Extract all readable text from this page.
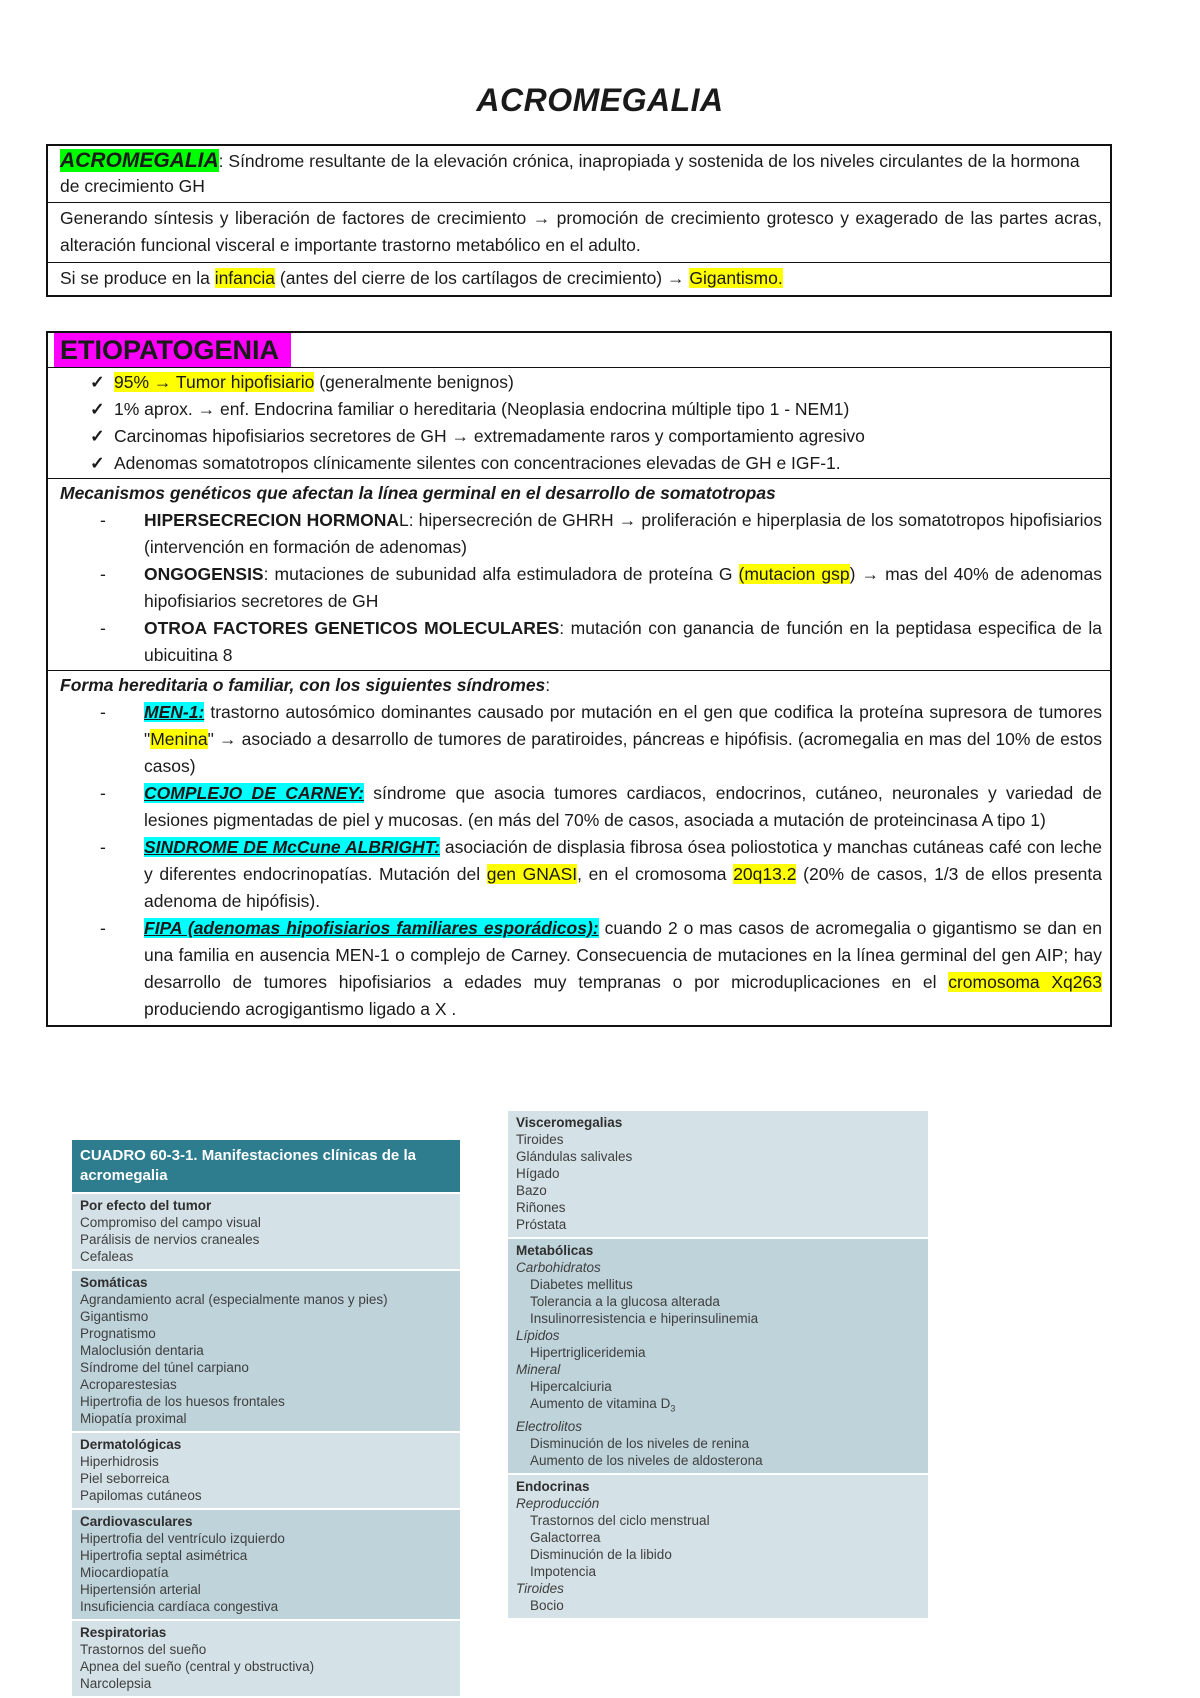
ACROMEGALIA
ACROMEGALIA: Síndrome resultante de la elevación crónica, inapropiada y sostenida de los niveles circulantes de la hormona de crecimiento GH
Generando síntesis y liberación de factores de crecimiento → promoción de crecimiento grotesco y exagerado de las partes acras, alteración funcional visceral e importante trastorno metabólico en el adulto.
Si se produce en la infancia (antes del cierre de los cartílagos de crecimiento) → Gigantismo.
ETIOPATOGENIA
✓ 95% → Tumor hipofisiario (generalmente benignos)
✓ 1% aprox. → enf. Endocrina familiar o hereditaria (Neoplasia endocrina múltiple tipo 1 - NEM1)
✓ Carcinomas hipofisiarios secretores de GH → extremadamente raros y comportamiento agresivo
✓ Adenomas somatotropos clínicamente silentes con concentraciones elevadas de GH e IGF-1.
Mecanismos genéticos que afectan la línea germinal en el desarrollo de somatotropas
- HIPERSECRECION HORMONAL: hipersecreción de GHRH → proliferación e hiperplasia de los somatotropos hipofisiarios (intervención en formación de adenomas)
- ONGOGENSIS: mutaciones de subunidad alfa estimuladora de proteína G (mutacion gsp) → mas del 40% de adenomas hipofisiarios secretores de GH
- OTROA FACTORES GENETICOS MOLECULARES: mutación con ganancia de función en la peptidasa especifica de la ubicuitina 8
Forma hereditaria o familiar, con los siguientes síndromes:
- MEN-1: trastorno autosómico dominantes causado por mutación en el gen que codifica la proteína supresora de tumores "Menina" → asociado a desarrollo de tumores de paratiroides, páncreas e hipófisis. (acromegalia en mas del 10% de estos casos)
- COMPLEJO DE CARNEY: síndrome que asocia tumores cardiacos, endocrinos, cutáneo, neuronales y variedad de lesiones pigmentadas de piel y mucosas. (en más del 70% de casos, asociada a mutación de proteincinasa A tipo 1)
- SINDROME DE McCune ALBRIGHT: asociación de displasia fibrosa ósea poliostotica y manchas cutáneas café con leche y diferentes endocrinopatías. Mutación del gen GNASI, en el cromosoma 20q13.2 (20% de casos, 1/3 de ellos presenta adenoma de hipófisis).
- FIPA (adenomas hipofisiarios familiares esporádicos): cuando 2 o mas casos de acromegalia o gigantismo se dan en una familia en ausencia MEN-1 o complejo de Carney. Consecuencia de mutaciones en la línea germinal del gen AIP; hay desarrollo de tumores hipofisiarios a edades muy tempranas o por microduplicaciones en el cromosoma Xq263 produciendo acrogigantismo ligado a X .
CUADRO 60-3-1. Manifestaciones clínicas de la acromegalia
Por efecto del tumor
Compromiso del campo visual
Parálisis de nervios craneales
Cefaleas
Somáticas
Agrandamiento acral (especialmente manos y pies)
Gigantismo
Prognatismo
Maloclusión dentaria
Síndrome del túnel carpiano
Acroparestesias
Hipertrofia de los huesos frontales
Miopatía proximal
Dermatológicas
Hiperhidrosis
Piel seborreica
Papilomas cutáneos
Cardiovasculares
Hipertrofia del ventrículo izquierdo
Hipertrofia septal asimétrica
Miocardiopatía
Hipertensión arterial
Insuficiencia cardíaca congestiva
Respiratorias
Trastornos del sueño
Apnea del sueño (central y obstructiva)
Narcolepsia
Visceromegalias
Tiroides
Glándulas salivales
Hígado
Bazo
Riñones
Próstata
Metabólicas
Carbohidratos
Diabetes mellitus
Tolerancia a la glucosa alterada
Insulinorresistencia e hiperinsulinemia
Lípidos
Hipertrigliceridemia
Mineral
Hipercalciuria
Aumento de vitamina $D_3$
Electrolitos
Disminución de los niveles de renina
Aumento de los niveles de aldosterona
Endocrinas
Reproducción
Trastornos del ciclo menstrual
Galactorrea
Disminución de la libido
Impotencia
Tiroides
Bocio
